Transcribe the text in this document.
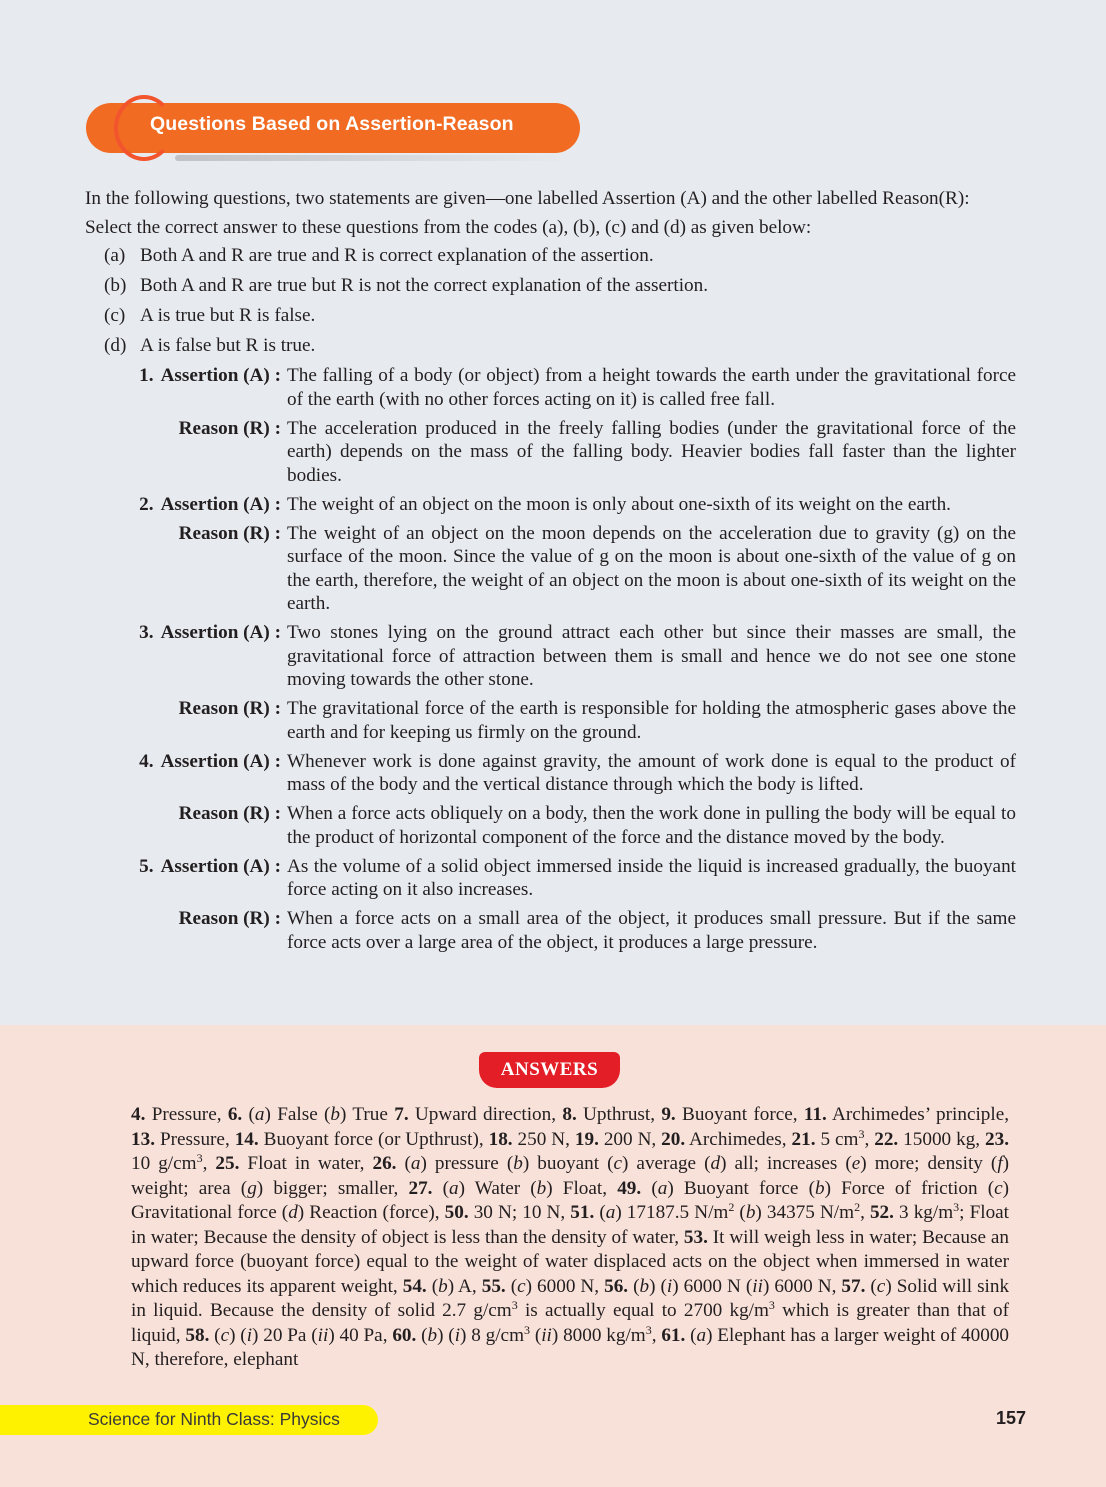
Questions Based on Assertion-Reason

In the following questions, two statements are given—one labelled Assertion (A) and the other labelled Reason(R):

Select the correct answer to these questions from the codes (a), (b), (c) and (d) as given below:

(a) Both A and R are true and R is correct explanation of the assertion.
(b) Both A and R are true but R is not the correct explanation of the assertion.
(c) A is true but R is false.
(d) A is false but R is true.
1. Assertion (A) : The falling of a body (or object) from a height towards the earth under the gravitational force of the earth (with no other forces acting on it) is called free fall.
Reason (R) : The acceleration produced in the freely falling bodies (under the gravitational force of the earth) depends on the mass of the falling body. Heavier bodies fall faster than the lighter bodies.
2. Assertion (A) : The weight of an object on the moon is only about one-sixth of its weight on the earth.
Reason (R) : The weight of an object on the moon depends on the acceleration due to gravity (g) on the surface of the moon. Since the value of g on the moon is about one-sixth of the value of g on the earth, therefore, the weight of an object on the moon is about one-sixth of its weight on the earth.
3. Assertion (A) : Two stones lying on the ground attract each other but since their masses are small, the gravitational force of attraction between them is small and hence we do not see one stone moving towards the other stone.
Reason (R) : The gravitational force of the earth is responsible for holding the atmospheric gases above the earth and for keeping us firmly on the ground.
4. Assertion (A) : Whenever work is done against gravity, the amount of work done is equal to the product of mass of the body and the vertical distance through which the body is lifted.
Reason (R) : When a force acts obliquely on a body, then the work done in pulling the body will be equal to the product of horizontal component of the force and the distance moved by the body.
5. Assertion (A) : As the volume of a solid object immersed inside the liquid is increased gradually, the buoyant force acting on it also increases.
Reason (R) : When a force acts on a small area of the object, it produces small pressure. But if the same force acts over a large area of the object, it produces a large pressure.
ANSWERS
4. Pressure, 6. (a) False (b) True 7. Upward direction, 8. Upthrust, 9. Buoyant force, 11. Archimedes’ principle, 13. Pressure, 14. Buoyant force (or Upthrust), 18. 250 N, 19. 200 N, 20. Archimedes, 21. 5 $cm^3$, 22. 15000 kg, 23. 10 $g/cm^3$, 25. Float in water, 26. (a) pressure (b) buoyant (c) average (d) all; increases (e) more; density (f) weight; area (g) bigger; smaller, 27. (a) Water (b) Float, 49. (a) Buoyant force (b) Force of friction (c) Gravitational force (d) Reaction (force), 50. 30 N; 10 N, 51. (a) 17187.5 $N/m^2$ (b) 34375 $N/m^2$, 52. 3 $kg/m^3$; Float in water; Because the density of object is less than the density of water, 53. It will weigh less in water; Because an upward force (buoyant force) equal to the weight of water displaced acts on the object when immersed in water which reduces its apparent weight, 54. (b) A, 55. (c) 6000 N, 56. (b) (i) 6000 N (ii) 6000 N, 57. (c) Solid will sink in liquid. Because the density of solid 2.7 $g/cm^3$ is actually equal to 2700 $kg/m^3$ which is greater than that of liquid, 58. (c) (i) 20 Pa (ii) 40 Pa, 60. (b) (i) 8 $g/cm^3$ (ii) 8000 $kg/m^3$, 61. (a) Elephant has a larger weight of 40000 N, therefore, elephant
Science for Ninth Class: Physics	157
